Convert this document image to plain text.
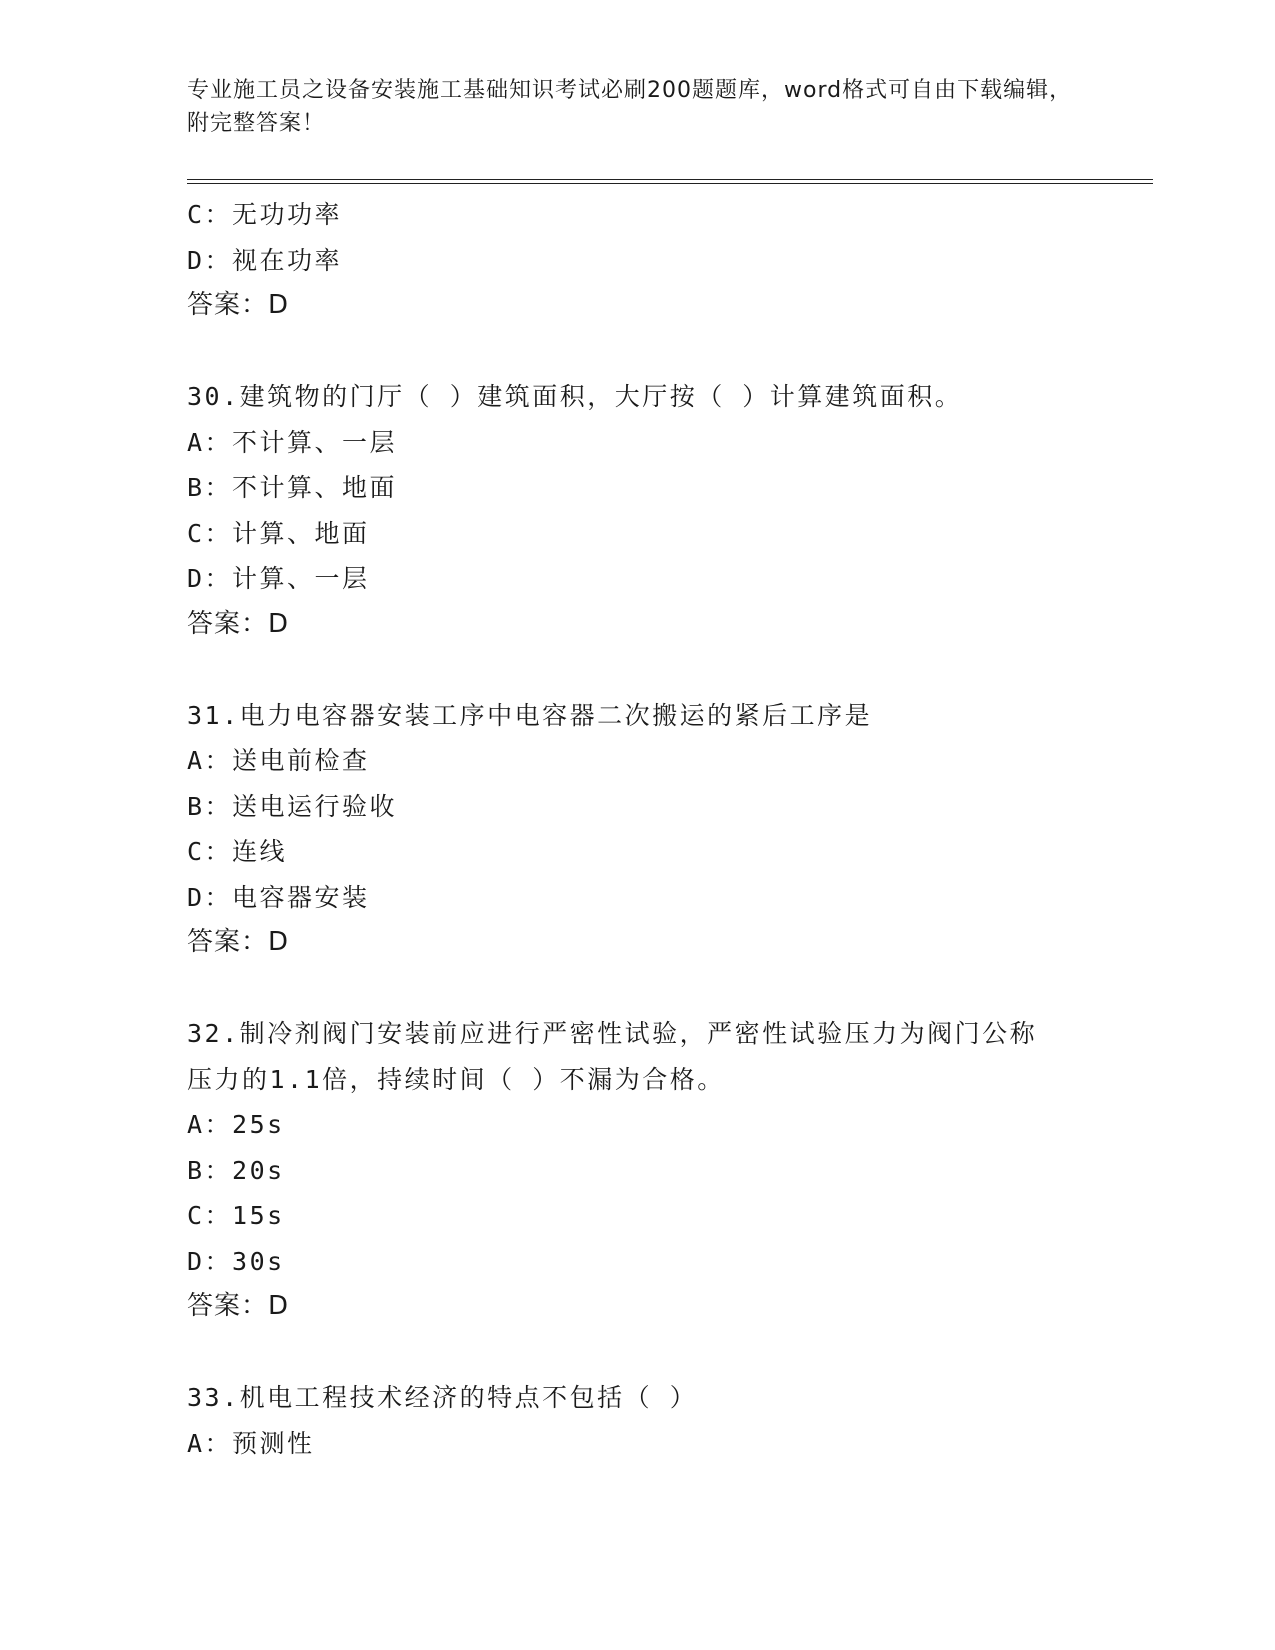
专业施工员之设备安装施工基础知识考试必刷200题题库，word格式可自由下载编辑，附完整答案！
C：无功功率
D：视在功率
答案：D
30.建筑物的门厅（ ）建筑面积，大厅按（ ）计算建筑面积。
A：不计算、一层
B：不计算、地面
C：计算、地面
D：计算、一层
答案：D
31.电力电容器安装工序中电容器二次搬运的紧后工序是
A：送电前检查
B：送电运行验收
C：连线
D：电容器安装
答案：D
32.制冷剂阀门安装前应进行严密性试验，严密性试验压力为阀门公称
压力的1.1倍，持续时间（ ）不漏为合格。
A：25s
B：20s
C：15s
D：30s
答案：D
33.机电工程技术经济的特点不包括（ ）
A：预测性
